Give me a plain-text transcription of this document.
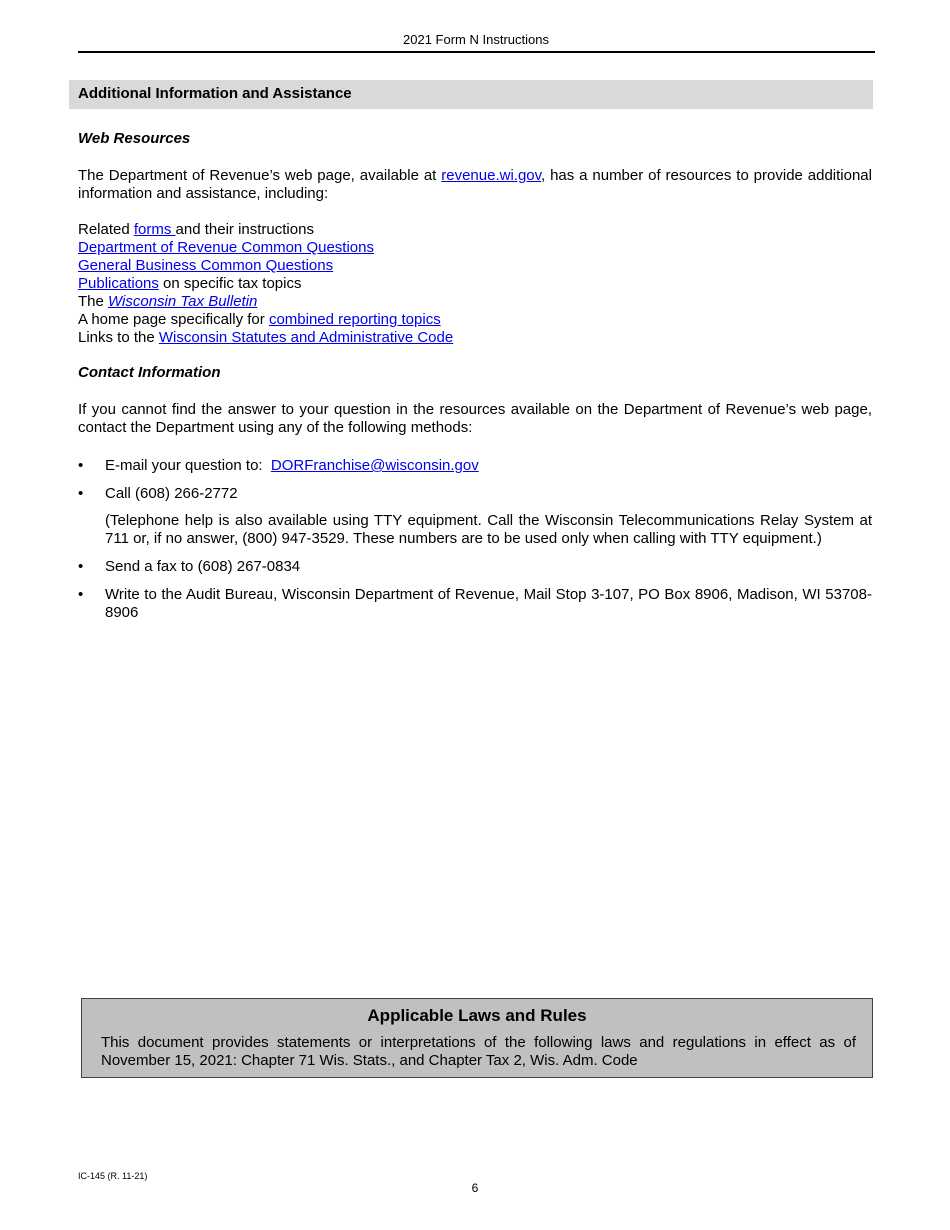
2021 Form N Instructions
Additional Information and Assistance
Web Resources
The Department of Revenue’s web page, available at revenue.wi.gov, has a number of resources to provide additional information and assistance, including:
Related forms and their instructions
Department of Revenue Common Questions
General Business Common Questions
Publications on specific tax topics
The Wisconsin Tax Bulletin
A home page specifically for combined reporting topics
Links to the Wisconsin Statutes and Administrative Code
Contact Information
If you cannot find the answer to your question in the resources available on the Department of Revenue’s web page, contact the Department using any of the following methods:
• E-mail your question to:  DORFranchise@wisconsin.gov
• Call (608) 266-2772
(Telephone help is also available using TTY equipment. Call the Wisconsin Telecommunications Relay System at 711 or, if no answer, (800) 947-3529. These numbers are to be used only when calling with TTY equipment.)
• Send a fax to (608) 267-0834
• Write to the Audit Bureau, Wisconsin Department of Revenue, Mail Stop 3-107, PO Box 8906, Madison, WI 53708-8906
Applicable Laws and Rules
This document provides statements or interpretations of the following laws and regulations in effect as of November 15, 2021: Chapter 71 Wis. Stats., and Chapter Tax 2, Wis. Adm. Code
IC-145 (R. 11-21)
6
